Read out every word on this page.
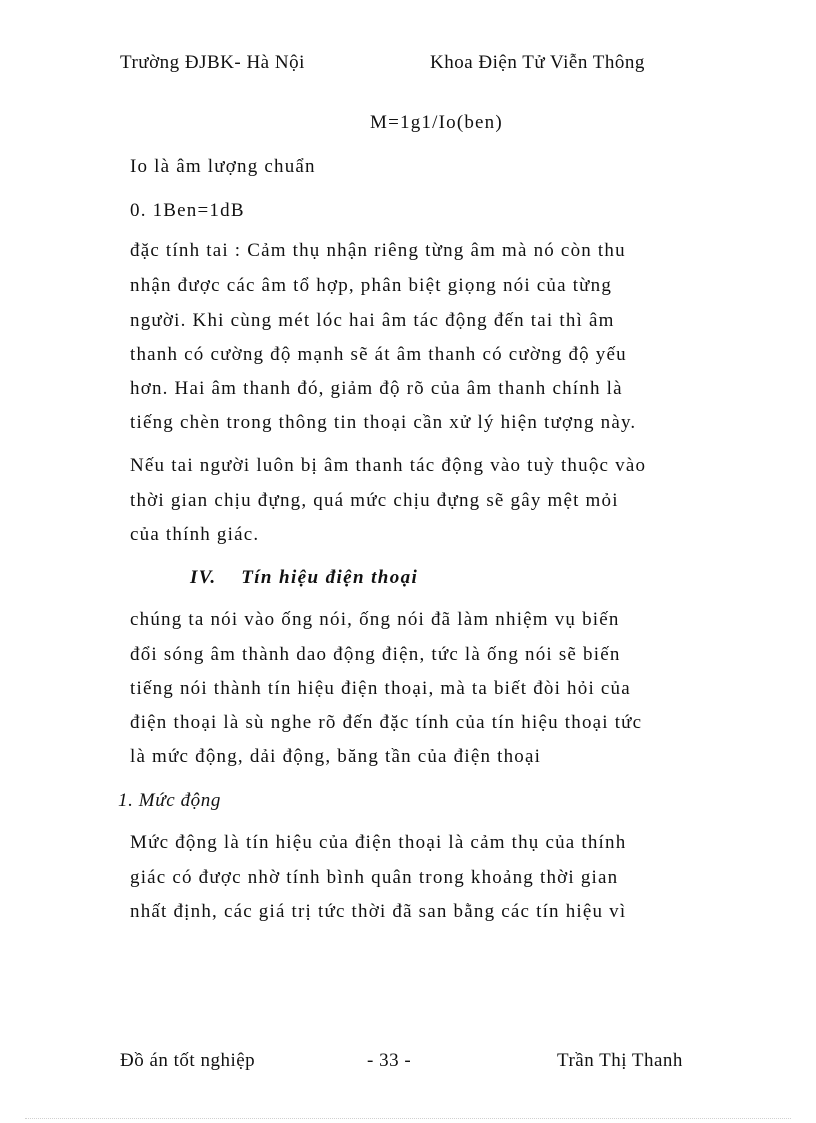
Trường ĐJBK- Hà Nội	Khoa Điện Tử Viễn Thông
M=1g1/Io(ben)
Io là âm lượng chuẩn
0. 1Ben=1dB
đặc tính tai : Cảm thụ nhận riêng từng âm mà nó còn thu
nhận được các âm tổ hợp, phân biệt giọng nói của từng
người. Khi cùng mét lóc hai âm tác động đến tai thì âm
thanh có cường độ mạnh sẽ át âm thanh có cường độ yếu
hơn. Hai âm thanh đó, giảm độ rõ của âm thanh chính là
tiếng chèn trong thông tin thoại cần xử lý hiện tượng này.
Nếu tai người luôn bị âm thanh tác động vào tuỳ thuộc vào
thời gian chịu đựng, quá mức chịu đựng sẽ gây mệt mỏi
của thính giác.
IV. Tín hiệu điện thoại
chúng ta nói vào ống nói, ống nói đã làm nhiệm vụ biến
đổi sóng âm thành dao động điện, tức là ống nói sẽ biến
tiếng nói thành tín hiệu điện thoại, mà ta biết đòi hỏi của
điện thoại là sù nghe rõ đến đặc tính của tín hiệu thoại tức
là mức động, dải động, băng tần của điện thoại
1. Mức động
Mức động là tín hiệu của điện thoại là cảm thụ của thính
giác có được nhờ tính bình quân trong khoảng thời gian
nhất định, các giá trị tức thời đã san bằng các tín hiệu vì
Đồ án tốt nghiệp	- 33 -	Trần Thị Thanh
